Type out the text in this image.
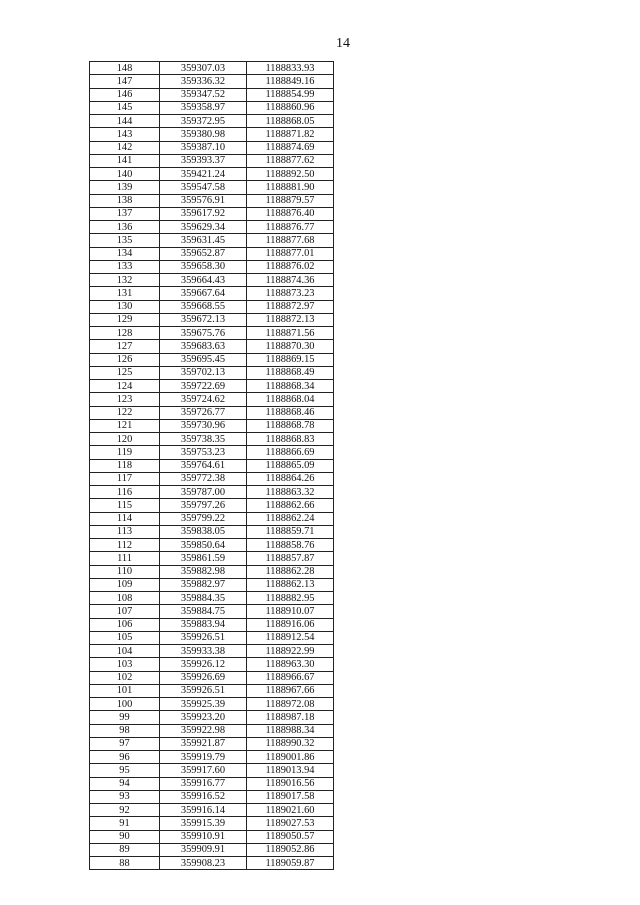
14
148	359307.03	1188833.93
147	359336.32	1188849.16
146	359347.52	1188854.99
145	359358.97	1188860.96
144	359372.95	1188868.05
143	359380.98	1188871.82
142	359387.10	1188874.69
141	359393.37	1188877.62
140	359421.24	1188892.50
139	359547.58	1188881.90
138	359576.91	1188879.57
137	359617.92	1188876.40
136	359629.34	1188876.77
135	359631.45	1188877.68
134	359652.87	1188877.01
133	359658.30	1188876.02
132	359664.43	1188874.36
131	359667.64	1188873.23
130	359668.55	1188872.97
129	359672.13	1188872.13
128	359675.76	1188871.56
127	359683.63	1188870.30
126	359695.45	1188869.15
125	359702.13	1188868.49
124	359722.69	1188868.34
123	359724.62	1188868.04
122	359726.77	1188868.46
121	359730.96	1188868.78
120	359738.35	1188868.83
119	359753.23	1188866.69
118	359764.61	1188865.09
117	359772.38	1188864.26
116	359787.00	1188863.32
115	359797.26	1188862.66
114	359799.22	1188862.24
113	359838.05	1188859.71
112	359850.64	1188858.76
111	359861.59	1188857.87
110	359882.98	1188862.28
109	359882.97	1188862.13
108	359884.35	1188882.95
107	359884.75	1188910.07
106	359883.94	1188916.06
105	359926.51	1188912.54
104	359933.38	1188922.99
103	359926.12	1188963.30
102	359926.69	1188966.67
101	359926.51	1188967.66
100	359925.39	1188972.08
99	359923.20	1188987.18
98	359922.98	1188988.34
97	359921.87	1188990.32
96	359919.79	1189001.86
95	359917.60	1189013.94
94	359916.77	1189016.56
93	359916.52	1189017.58
92	359916.14	1189021.60
91	359915.39	1189027.53
90	359910.91	1189050.57
89	359909.91	1189052.86
88	359908.23	1189059.87
